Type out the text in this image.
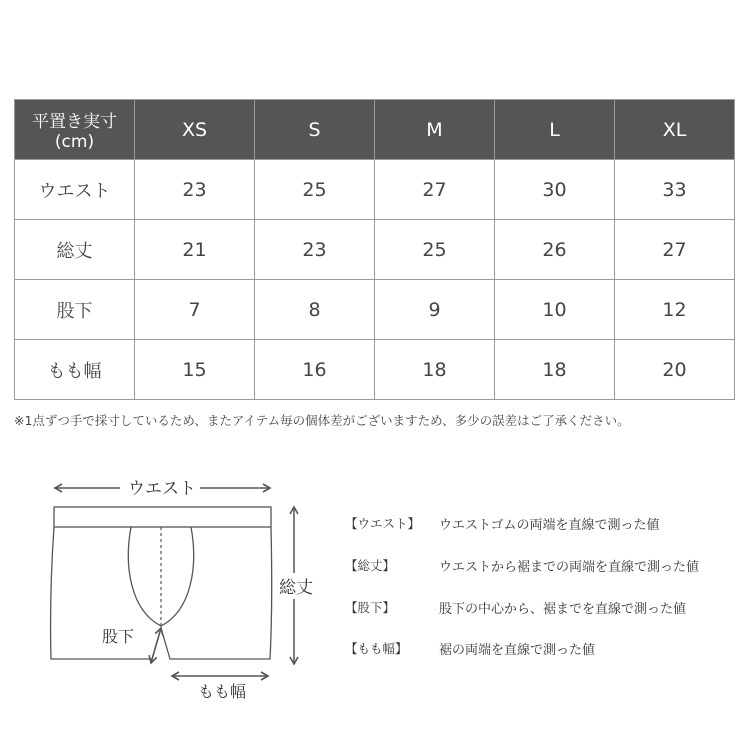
平置き実寸(cm)	XS	S	M	L	XL
ウエスト	23	25	27	30	33
総丈	21	23	25	26	27
股下	7	8	9	10	12
もも幅	15	16	18	18	20
※1点ずつ手で採寸しているため、またアイテム毎の個体差がございますため、多少の誤差はご了承ください。
ウエスト
総丈
股下
もも幅
【ウエスト】 ウエストゴムの両端を直線で測った値
【総丈】	ウエストから裾までの両端を直線で測った値
【股下】	股下の中心から、裾までを直線で測った値
【もも幅】 裾の両端を直線で測った値
